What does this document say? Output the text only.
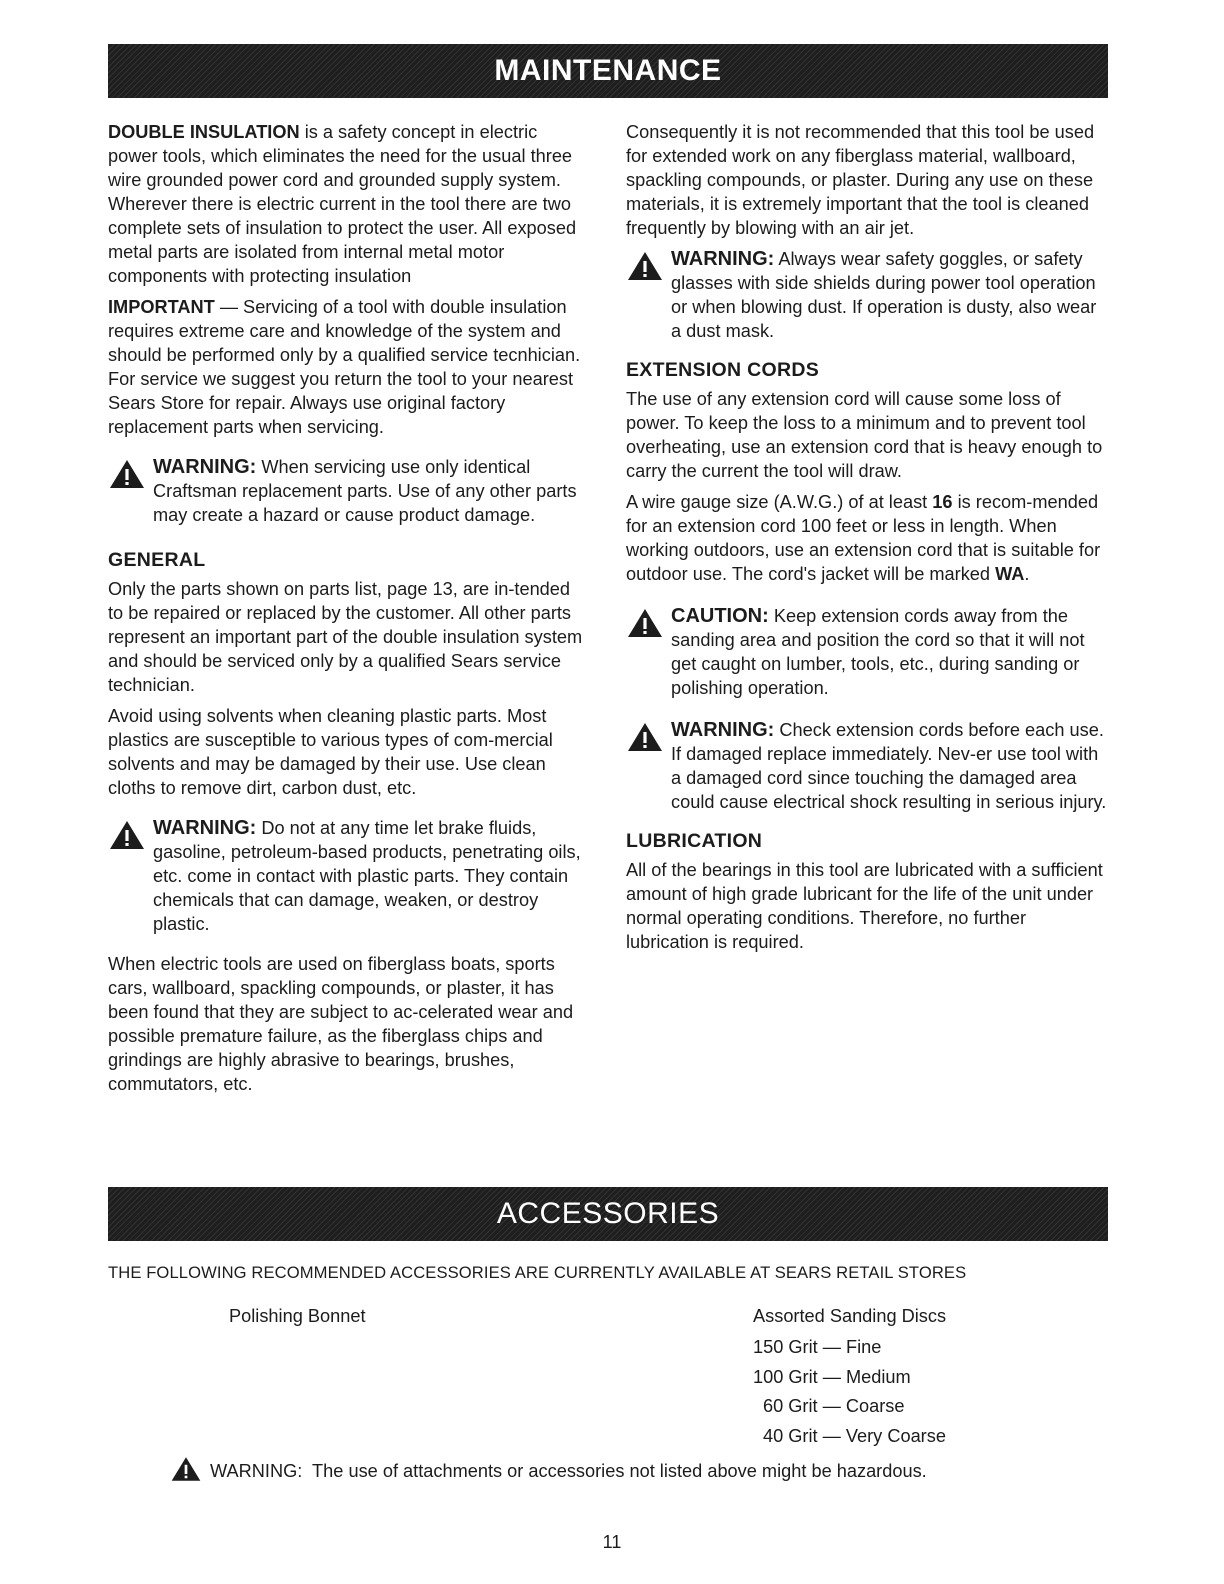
MAINTENANCE

DOUBLE INSULATION is a safety concept in electric power tools, which eliminates the need for the usual three wire grounded power cord and grounded supply system. Wherever there is electric current in the tool there are two complete sets of insulation to protect the user. All exposed metal parts are isolated from internal metal motor components with protecting insulation

IMPORTANT — Servicing of a tool with double insulation requires extreme care and knowledge of the system and should be performed only by a qualified service tecnhician. For service we suggest you return the tool to your nearest Sears Store for repair. Always use original factory replacement parts when servicing.

WARNING: When servicing use only identical Craftsman replacement parts. Use of any other parts may create a hazard or cause product damage.
GENERAL

Only the parts shown on parts list, page 13, are in-tended to be repaired or replaced by the customer. All other parts represent an important part of the double insulation system and should be serviced only by a qualified Sears service technician.

Avoid using solvents when cleaning plastic parts. Most plastics are susceptible to various types of com-mercial solvents and may be damaged by their use. Use clean cloths to remove dirt, carbon dust, etc.

WARNING: Do not at any time let brake fluids, gasoline, petroleum-based products, penetrating oils, etc. come in contact with plastic parts. They contain chemicals that can damage, weaken, or destroy plastic.

When electric tools are used on fiberglass boats, sports cars, wallboard, spackling compounds, or plaster, it has been found that they are subject to ac-celerated wear and possible premature failure, as the fiberglass chips and grindings are highly abrasive to bearings, brushes, commutators, etc.

Consequently it is not recommended that this tool be used for extended work on any fiberglass material, wallboard, spackling compounds, or plaster. During any use on these materials, it is extremely important that the tool is cleaned frequently by blowing with an air jet.

WARNING: Always wear safety goggles, or safety glasses with side shields during power tool operation or when blowing dust. If operation is dusty, also wear a dust mask.
EXTENSION CORDS

The use of any extension cord will cause some loss of power. To keep the loss to a minimum and to prevent tool overheating, use an extension cord that is heavy enough to carry the current the tool will draw.

A wire gauge size (A.W.G.) of at least 16 is recom-mended for an extension cord 100 feet or less in length. When working outdoors, use an extension cord that is suitable for outdoor use. The cord's jacket will be marked WA.

CAUTION: Keep extension cords away from the sanding area and position the cord so that it will not get caught on lumber, tools, etc., during sanding or polishing operation.
WARNING: Check extension cords before each use. If damaged replace immediately. Nev-er use tool with a damaged cord since touching the damaged area could cause electrical shock resulting in serious injury.
LUBRICATION

All of the bearings in this tool are lubricated with a sufficient amount of high grade lubricant for the life of the unit under normal operating conditions. Therefore, no further lubrication is required.

ACCESSORIES
THE FOLLOWING RECOMMENDED ACCESSORIES ARE CURRENTLY AVAILABLE AT SEARS RETAIL STORES
Polishing Bonnet	Assorted Sanding Discs
150 Grit — Fine
100 Grit — Medium
60 Grit — Coarse
40 Grit — Very Coarse
WARNING:  The use of attachments or accessories not listed above might be hazardous.
11
